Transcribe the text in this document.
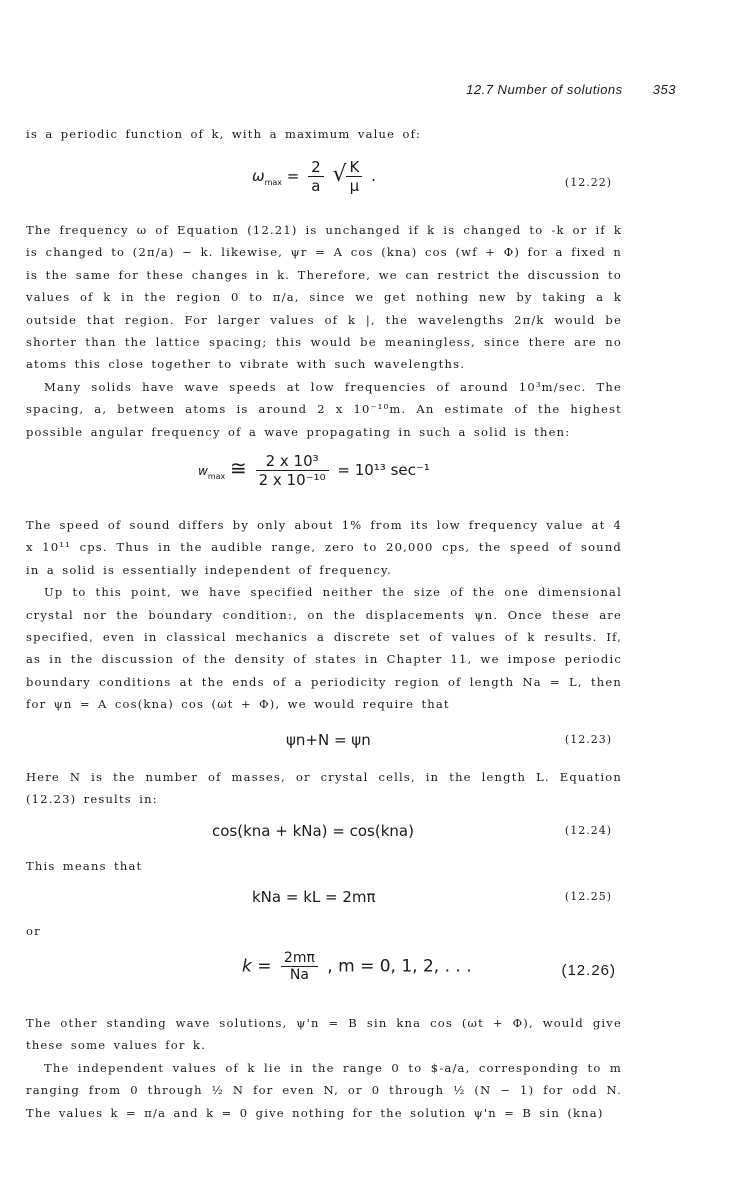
12.7 Number of solutions 353

is a periodic function of k, with a maximum value of:

$\omega_{max} = \frac{2}{a}$ √ $\frac{K}{\mu}$ .	(12.22)

The frequency ω of Equation (12.21) is unchanged if k is changed to -k or if k is changed to (2π/a) − k. likewise, ψr = A cos (kna) cos (wf + Φ) for a fixed n is the same for these changes in k. Therefore, we can restrict the discussion to values of k in the region 0 to π/a, since we get nothing new by taking a k outside that region. For larger values of k |, the wavelengths 2π/k would be shorter than the lattice spacing; this would be meaningless, since there are no atoms this close together to vibrate with such wavelengths.

Many solids have wave speeds at low frequencies of around 10³m/sec. The spacing, a, between atoms is around 2 x 10⁻¹⁰m. An estimate of the highest possible angular frequency of a wave propagating in such a solid is then:

$w_{max}$ ≅ $\frac{\text{2 x 10³}}{\text{2 x 10⁻¹⁰}} = 10^{13}$ sec⁻¹

The speed of sound differs by only about 1% from its low frequency value at 4 x 10¹¹ cps. Thus in the audible range, zero to 20,000 cps, the speed of sound in a solid is essentially independent of frequency.

Up to this point, we have specified neither the size of the one dimensional crystal nor the boundary condition:, on the displacements ψn. Once these are specified, even in classical mechanics a discrete set of values of k results. If, as in the discussion of the density of states in Chapter 11, we impose periodic boundary conditions at the ends of a periodicity region of length Na = L, then for ψn = A cos(kna) cos (ωt + Φ), we would require that

ψn+N = ψn	(12.23)

Here N is the number of masses, or crystal cells, in the length L. Equation (12.23) results in:

cos(kna + kNa) = cos(kna)	(12.24)

This means that

kNa = kL = 2mπ	(12.25)

or

$k = \frac{2m\pi}{Na}$ , m = 0, 1, 2, . . .	(12.26)

The other standing wave solutions, ψ'n = B sin kna cos (ωt + Φ), would give these some values for k.

The independent values of k lie in the range 0 to $-a/a, corresponding to m ranging from 0 through ½ N for even N, or 0 through ½ (N − 1) for odd N. The values k = π/a and k = 0 give nothing for the solution ψ'n = B sin (kna)
